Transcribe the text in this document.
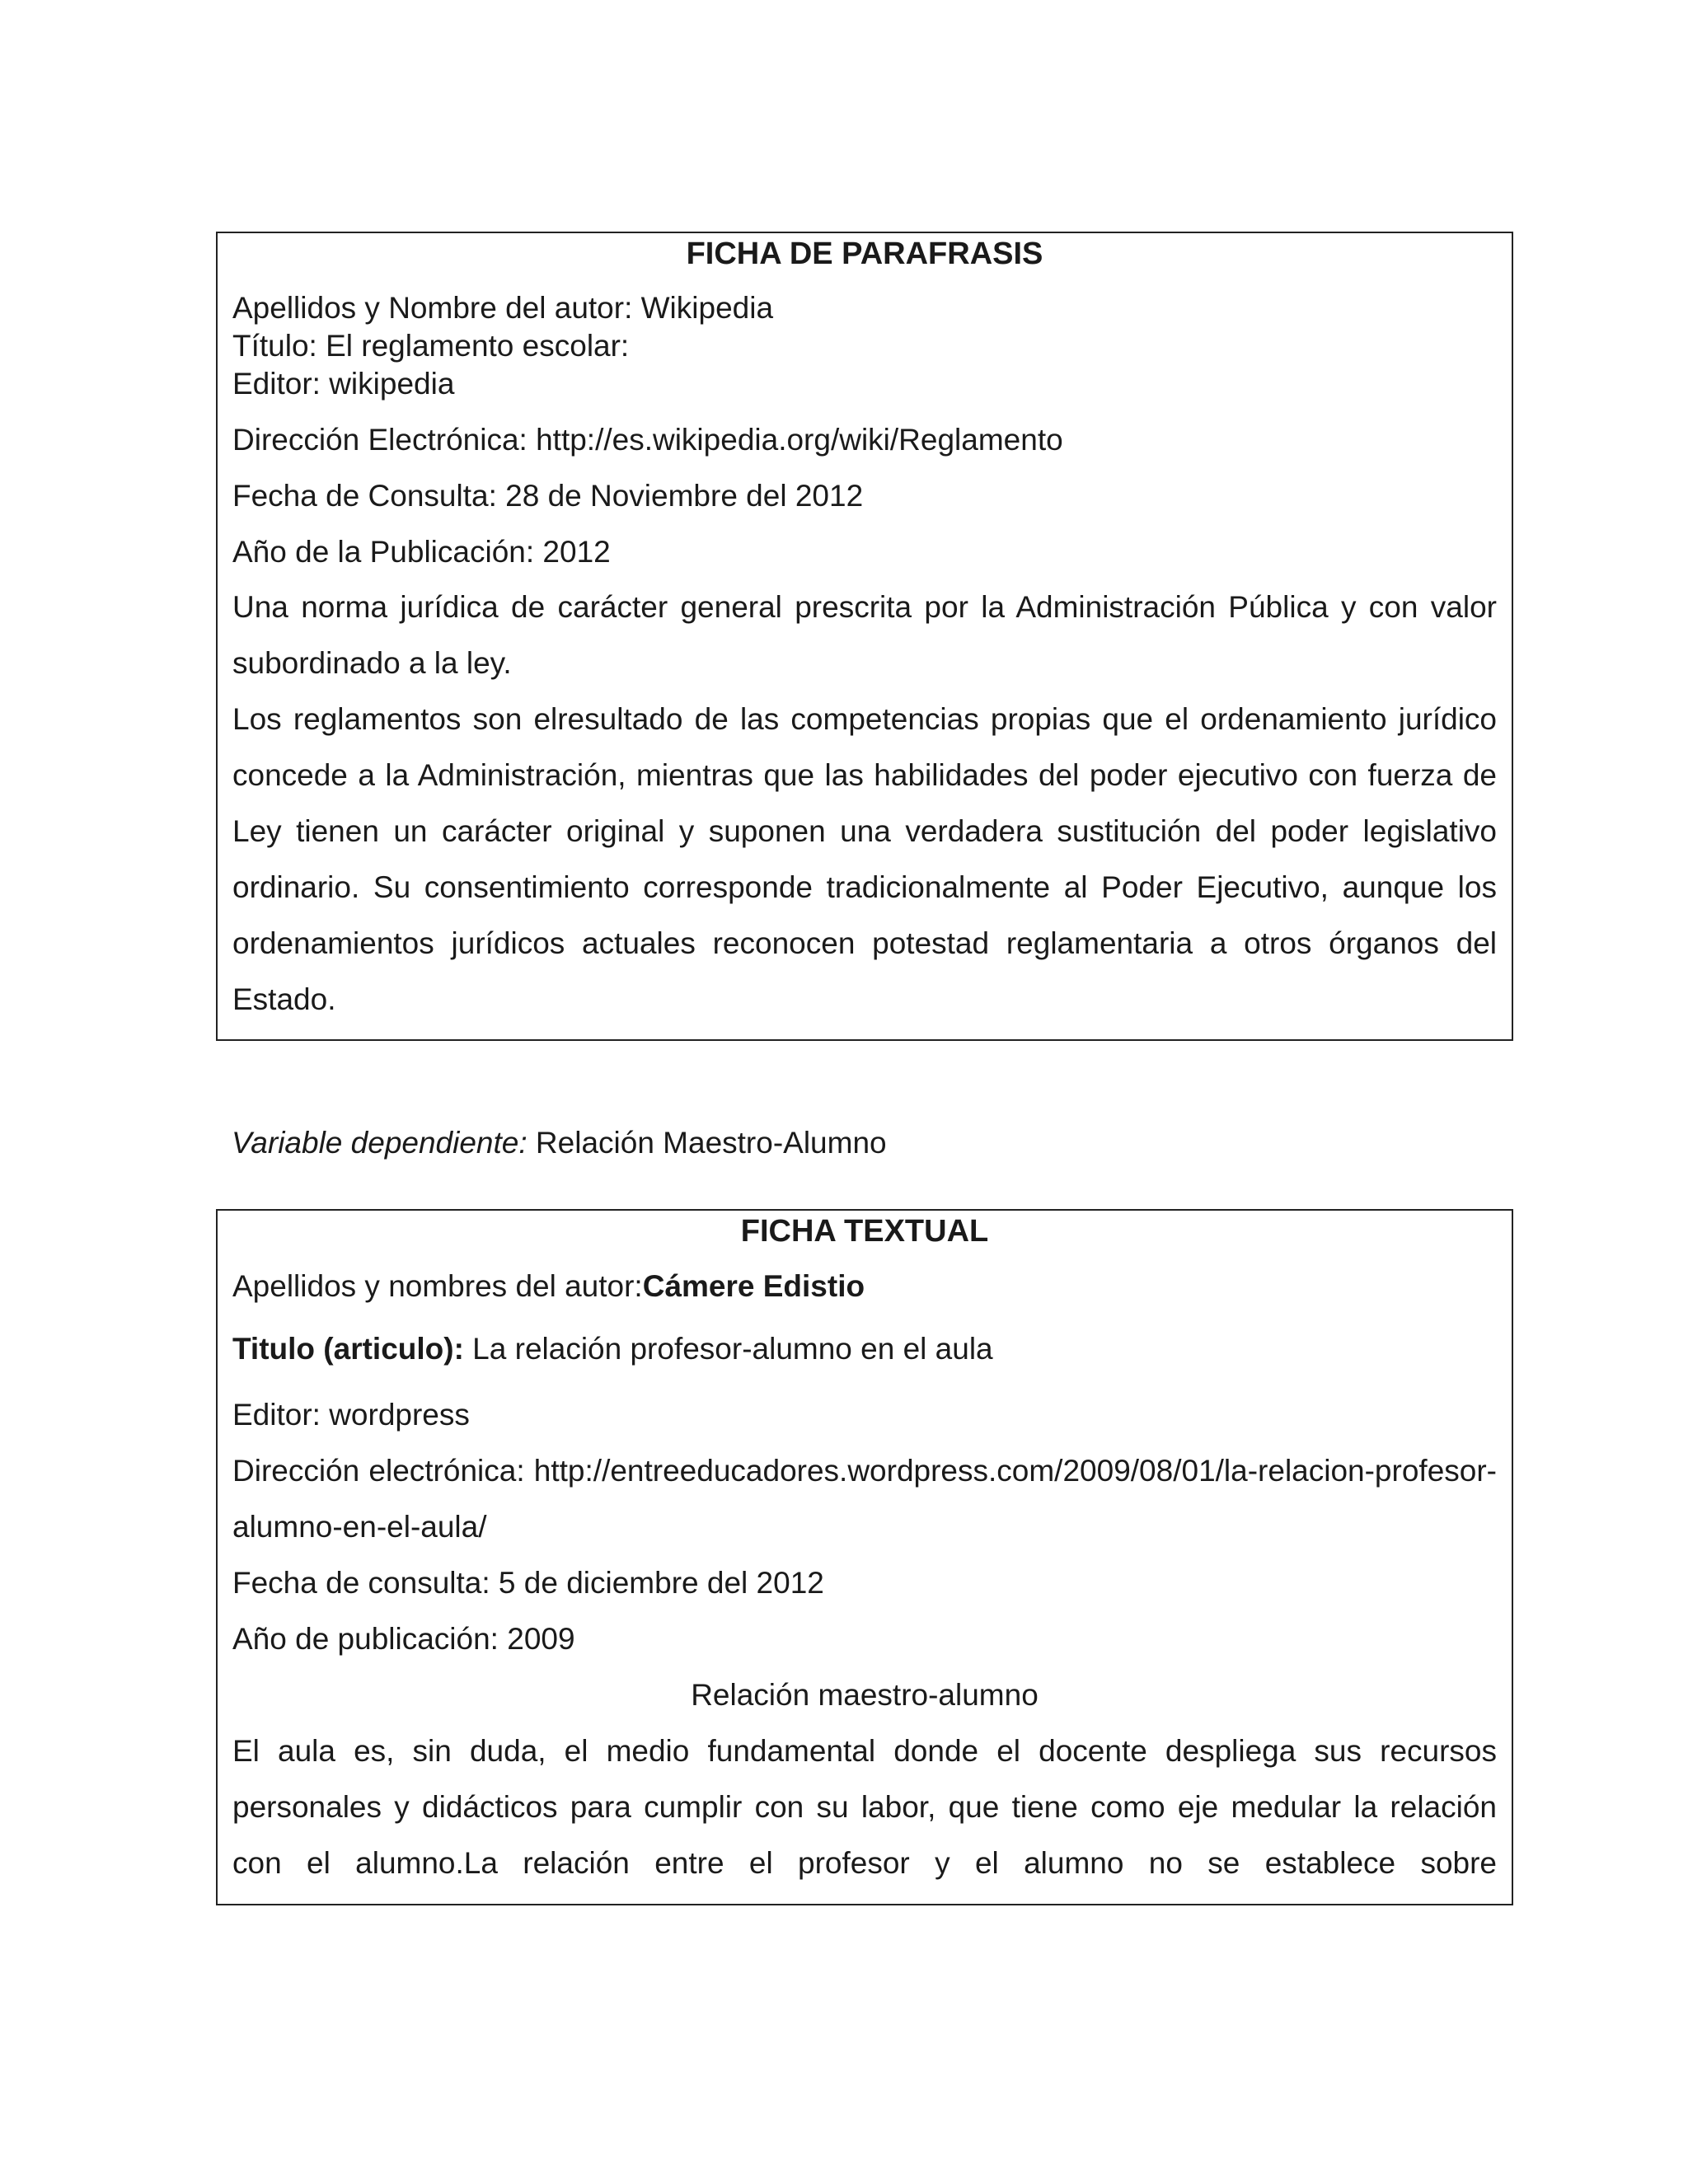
FICHA DE PARAFRASIS

Apellidos y Nombre del autor: Wikipedia

Título: El reglamento escolar:

Editor: wikipedia

Dirección Electrónica: http://es.wikipedia.org/wiki/Reglamento

Fecha de Consulta: 28 de Noviembre del 2012

Año de la Publicación: 2012

Una norma jurídica de carácter general prescrita por la Administración Pública y con valor subordinado a la ley.

Los reglamentos son elresultado de las competencias propias que el ordenamiento jurídico concede a la Administración, mientras que las habilidades del poder ejecutivo con fuerza de Ley tienen un carácter original y suponen una verdadera sustitución del poder legislativo ordinario. Su consentimiento corresponde tradicionalmente al Poder Ejecutivo, aunque los ordenamientos jurídicos actuales reconocen potestad reglamentaria a otros órganos del Estado.

Variable dependiente: Relación Maestro-Alumno

FICHA TEXTUAL

Apellidos y nombres del autor:Cámere Edistio

Titulo (articulo): La relación profesor-alumno en el aula

Editor: wordpress

Dirección electrónica: http://entreeducadores.wordpress.com/2009/08/01/la-relacion-profesor-alumno-en-el-aula/

Fecha de consulta: 5 de diciembre del 2012

Año de publicación: 2009

Relación maestro-alumno

El aula es, sin duda, el medio fundamental donde el docente despliega sus recursos personales y didácticos para cumplir con su labor, que tiene como eje medular la relación con el alumno.La relación entre el profesor y el alumno no se establece sobre
